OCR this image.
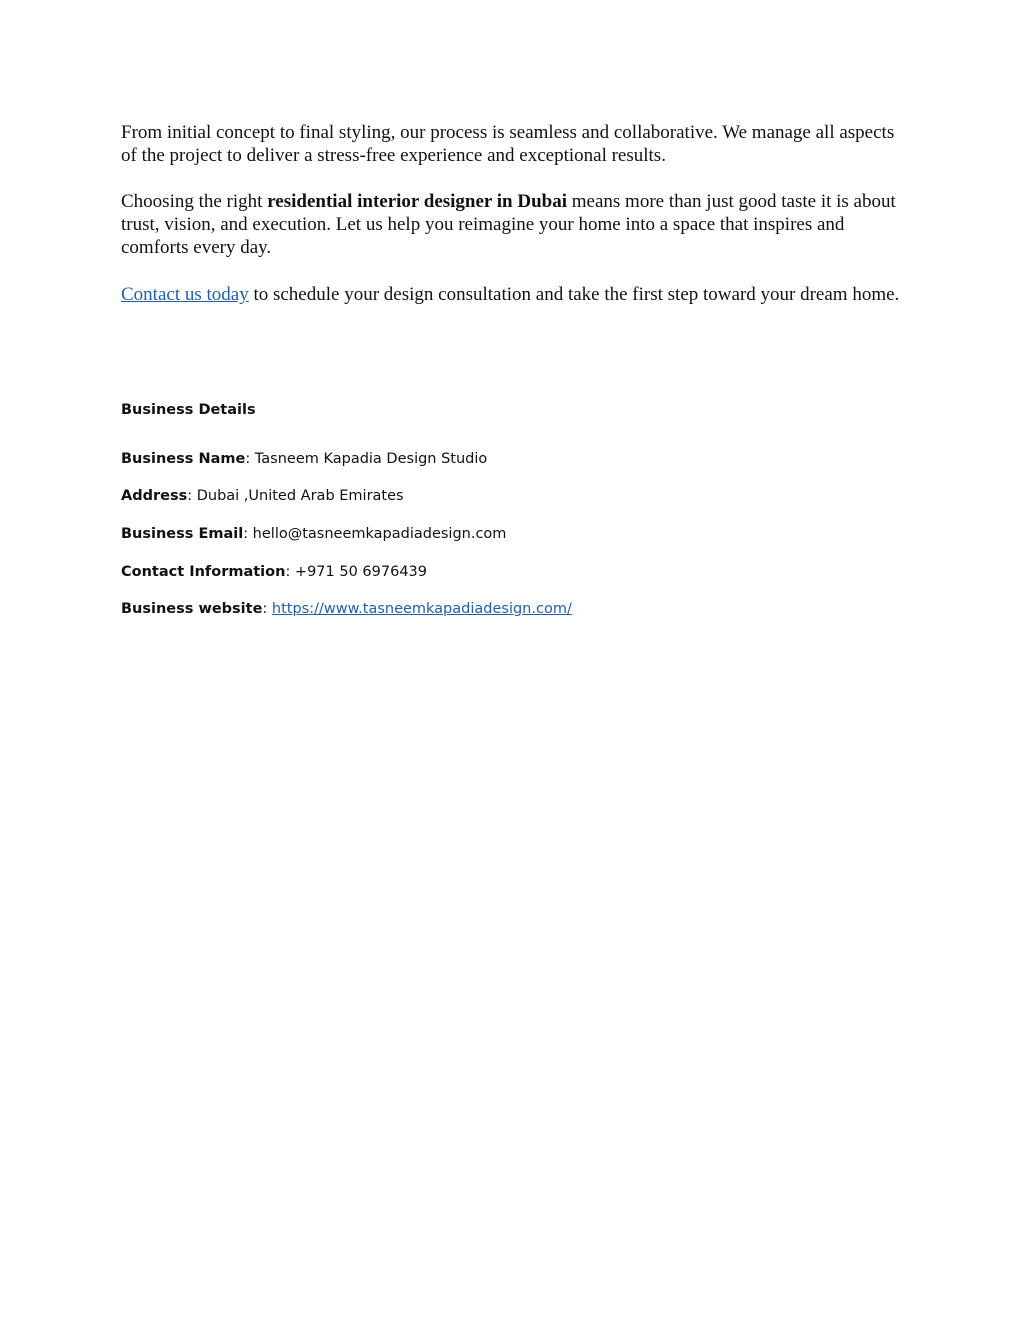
From initial concept to final styling, our process is seamless and collaborative. We manage all aspects of the project to deliver a stress-free experience and exceptional results.

Choosing the right residential interior designer in Dubai means more than just good taste it is about trust, vision, and execution. Let us help you reimagine your home into a space that inspires and comforts every day.

Contact us today to schedule your design consultation and take the first step toward your dream home.

Business Details

Business Name: Tasneem Kapadia Design Studio

Address: Dubai ,United Arab Emirates

Business Email: hello@tasneemkapadiadesign.com

Contact Information: +971 50 6976439

Business website: https://www.tasneemkapadiadesign.com/
